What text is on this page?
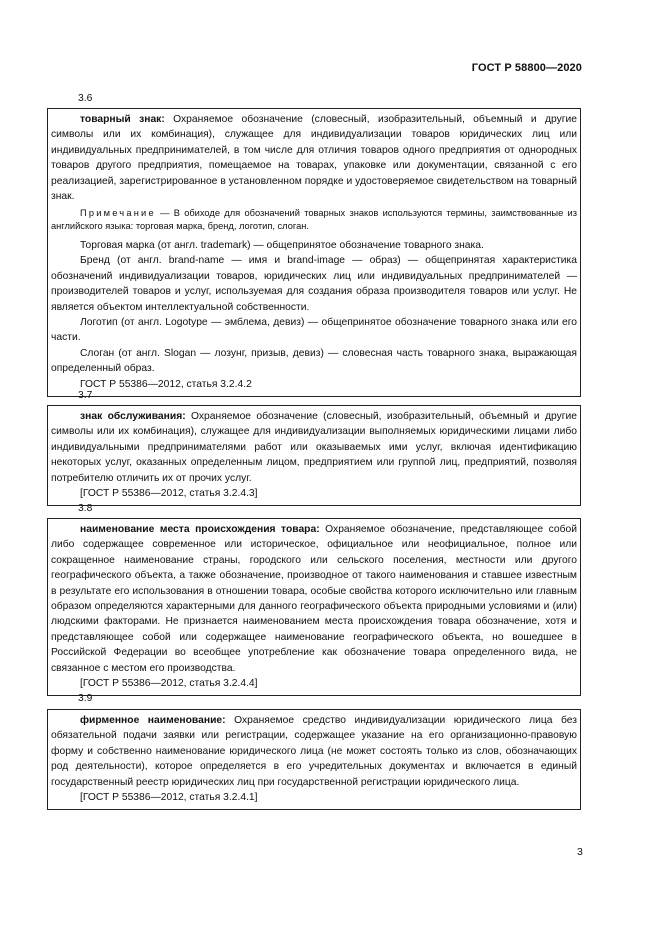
ГОСТ Р 58800—2020
3.6

товарный знак: Охраняемое обозначение (словесный, изобразительный, объемный и другие символы или их комбинация), служащее для индивидуализации товаров юридических лиц или индивидуальных предпринимателей, в том числе для отличия товаров одного предприятия от однородных товаров другого предприятия, помещаемое на товарах, упаковке или документации, связанной с его реализацией, зарегистрированное в установленном порядке и удостоверяемое свидетельством на товарный знак.

Примечание — В обиходе для обозначений товарных знаков используются термины, заимствованные из английского языка: торговая марка, бренд, логотип, слоган.

Торговая марка (от англ. trademark) — общепринятое обозначение товарного знака.

Бренд (от англ. brand-name — имя и brand-image — образ) — общепринятая характеристика обозначений индивидуализации товаров, юридических лиц или индивидуальных предпринимателей — производителей товаров и услуг, используемая для создания образа производителя товаров или услуг. Не является объектом интеллектуальной собственности.

Логотип (от англ. Logotype — эмблема, девиз) — общепринятое обозначение товарного знака или его части.

Слоган (от англ. Slogan — лозунг, призыв, девиз) — словесная часть товарного знака, выражающая определенный образ.

ГОСТ Р 55386—2012, статья 3.2.4.2

3.7

знак обслуживания: Охраняемое обозначение (словесный, изобразительный, объемный и другие символы или их комбинация), служащее для индивидуализации выполняемых юридическими лицами либо индивидуальными предпринимателями работ или оказываемых ими услуг, включая идентификацию некоторых услуг, оказанных определенным лицом, предприятием или группой лиц, предприятий, позволяя потребителю отличить их от прочих услуг.

[ГОСТ Р 55386—2012, статья 3.2.4.3]

3.8

наименование места происхождения товара: Охраняемое обозначение, представляющее собой либо содержащее современное или историческое, официальное или неофициальное, полное или сокращенное наименование страны, городского или сельского поселения, местности или другого географического объекта, а также обозначение, производное от такого наименования и ставшее известным в результате его использования в отношении товара, особые свойства которого исключительно или главным образом определяются характерными для данного географического объекта природными условиями и (или) людскими факторами. Не признается наименованием места происхождения товара обозначение, хотя и представляющее собой или содержащее наименование географического объекта, но вошедшее в Российской Федерации во всеобщее употребление как обозначение товара определенного вида, не связанное с местом его производства.

[ГОСТ Р 55386—2012, статья 3.2.4.4]

3.9

фирменное наименование: Охраняемое средство индивидуализации юридического лица без обязательной подачи заявки или регистрации, содержащее указание на его организационно-правовую форму и собственно наименование юридического лица (не может состоять только из слов, обозначающих род деятельности), которое определяется в его учредительных документах и включается в единый государственный реестр юридических лиц при государственной регистрации юридического лица.

[ГОСТ Р 55386—2012, статья 3.2.4.1]

3
